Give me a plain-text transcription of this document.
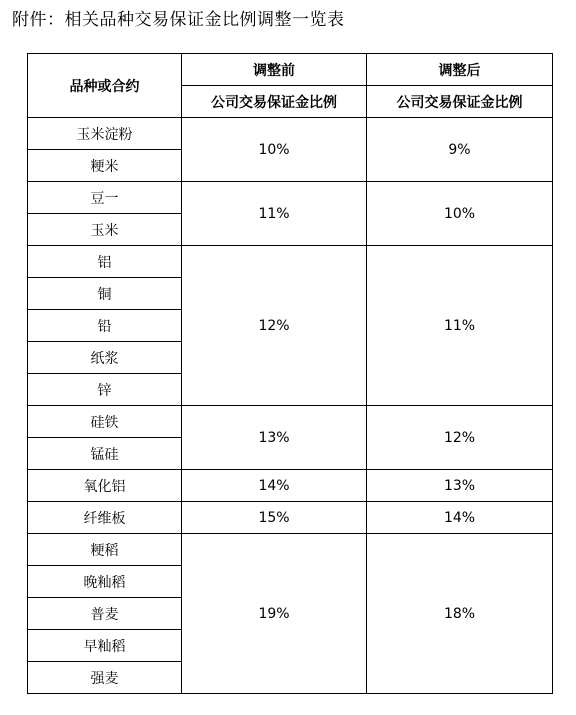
附件：相关品种交易保证金比例调整一览表
品种或合约	调整前	调整后
	公司交易保证金比例	公司交易保证金比例
玉米淀粉	10%	9%
粳米		
豆一	11%	10%
玉米		
铝	12%	11%
铜		
铅		
纸浆		
锌		
硅铁	13%	12%
锰硅		
氧化铝	14%	13%
纤维板	15%	14%
粳稻	19%	18%
晚籼稻		
普麦		
早籼稻		
强麦		
